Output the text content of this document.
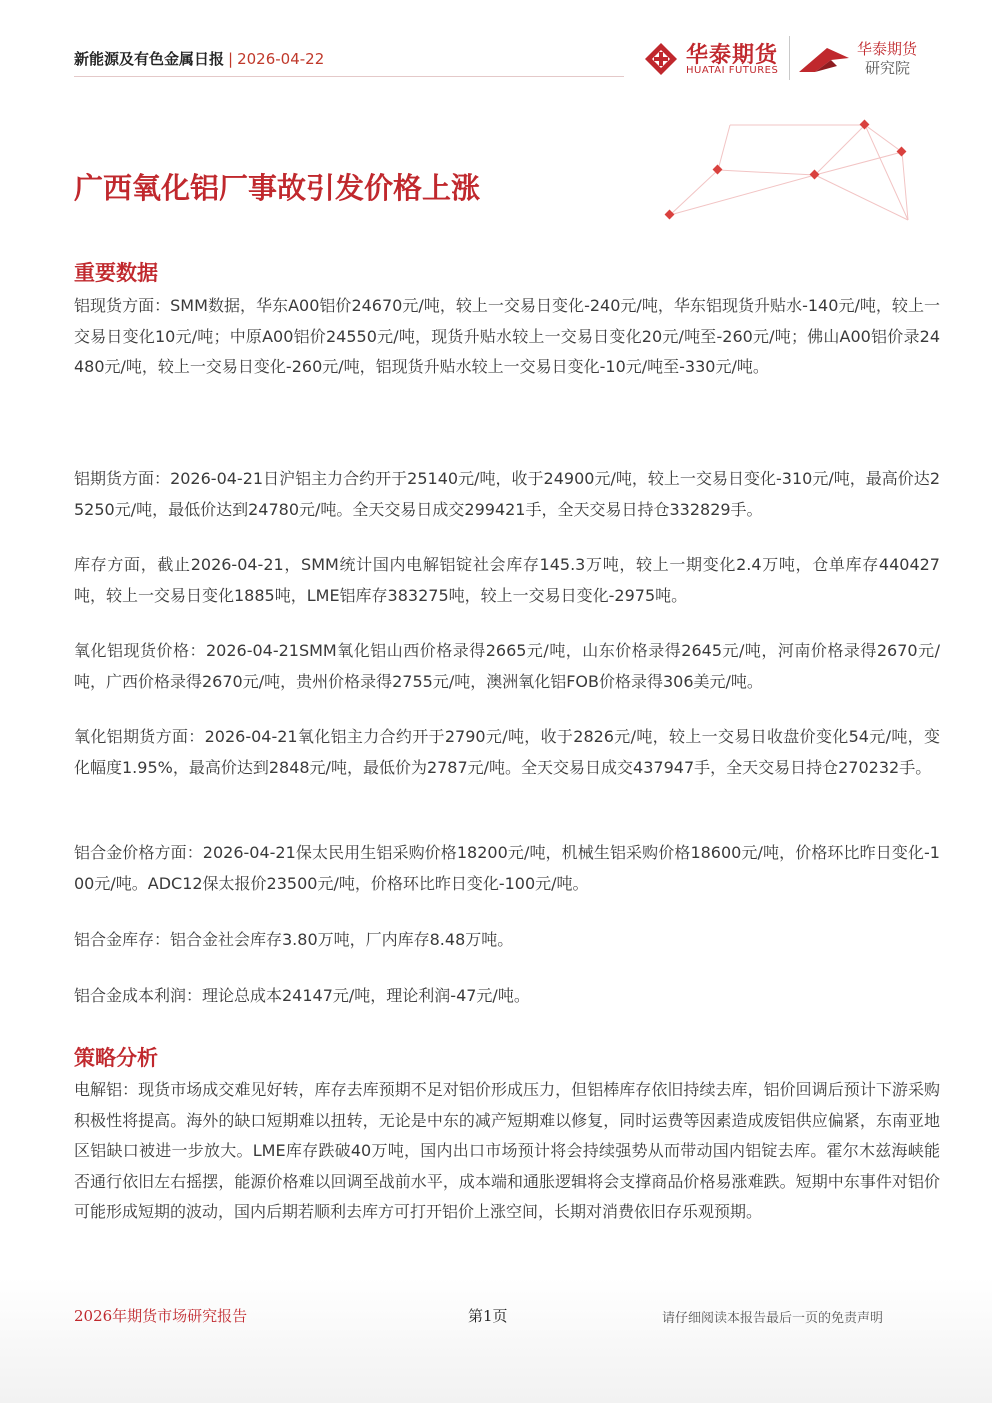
新能源及有色金属日报 | 2026-04-22	华泰期货
HUATAI FUTURES
华泰期货
研究院
广西氧化铝厂事故引发价格上涨
重要数据

铝现货方面：SMM数据，华东A00铝价24670元/吨，较上一交易日变化-240元/吨，华东铝现货升贴水-140元/吨，较上一交易日变化10元/吨；中原A00铝价24550元/吨，现货升贴水较上一交易日变化20元/吨至-260元/吨；佛山A00铝价录24480元/吨，较上一交易日变化-260元/吨，铝现货升贴水较上一交易日变化-10元/吨至-330元/吨。

铝期货方面：2026-04-21日沪铝主力合约开于25140元/吨，收于24900元/吨，较上一交易日变化-310元/吨，最高价达25250元/吨，最低价达到24780元/吨。全天交易日成交299421手，全天交易日持仓332829手。

库存方面，截止2026-04-21，SMM统计国内电解铝锭社会库存145.3万吨，较上一期变化2.4万吨，仓单库存440427吨，较上一交易日变化1885吨，LME铝库存383275吨，较上一交易日变化-2975吨。

氧化铝现货价格：2026-04-21SMM氧化铝山西价格录得2665元/吨，山东价格录得2645元/吨，河南价格录得2670元/吨，广西价格录得2670元/吨，贵州价格录得2755元/吨，澳洲氧化铝FOB价格录得306美元/吨。

氧化铝期货方面：2026-04-21氧化铝主力合约开于2790元/吨，收于2826元/吨，较上一交易日收盘价变化54元/吨，变化幅度1.95%，最高价达到2848元/吨，最低价为2787元/吨。全天交易日成交437947手，全天交易日持仓270232手。

铝合金价格方面：2026-04-21保太民用生铝采购价格18200元/吨，机械生铝采购价格18600元/吨，价格环比昨日变化-100元/吨。ADC12保太报价23500元/吨，价格环比昨日变化-100元/吨。

铝合金库存：铝合金社会库存3.80万吨，厂内库存8.48万吨。

铝合金成本利润：理论总成本24147元/吨，理论利润-47元/吨。

策略分析

电解铝：现货市场成交难见好转，库存去库预期不足对铝价形成压力，但铝棒库存依旧持续去库，铝价回调后预计下游采购积极性将提高。海外的缺口短期难以扭转，无论是中东的减产短期难以修复，同时运费等因素造成废铝供应偏紧，东南亚地区铝缺口被进一步放大。LME库存跌破40万吨，国内出口市场预计将会持续强势从而带动国内铝锭去库。霍尔木兹海峡能否通行依旧左右摇摆，能源价格难以回调至战前水平，成本端和通胀逻辑将会支撑商品价格易涨难跌。短期中东事件对铝价可能形成短期的波动，国内后期若顺利去库方可打开铝价上涨空间，长期对消费依旧存乐观预期。

2026年期货市场研究报告	第1页	请仔细阅读本报告最后一页的免责声明
